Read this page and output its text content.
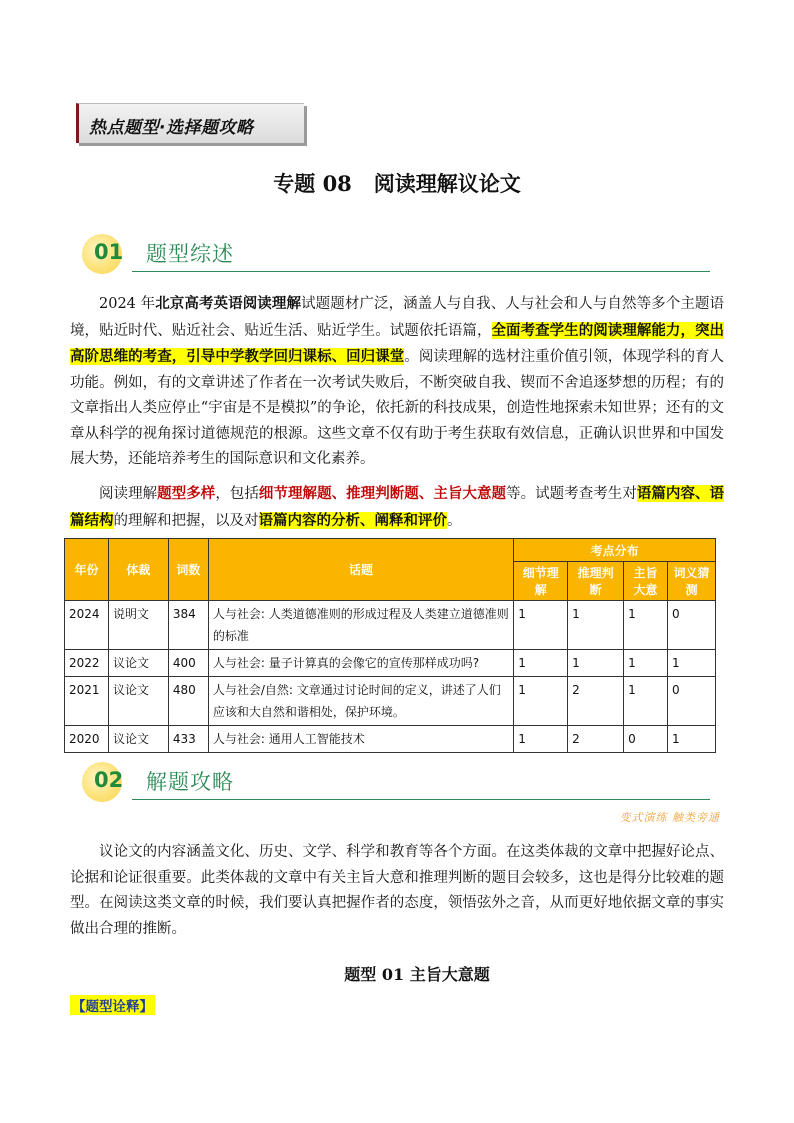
热点题型·选择题攻略
专题 08 阅读理解议论文
01 题型综述
2024 年北京高考英语阅读理解试题题材广泛，涵盖人与自我、人与社会和人与自然等多个主题语境，贴近时代、贴近社会、贴近生活、贴近学生。试题依托语篇，全面考查学生的阅读理解能力，突出高阶思维的考查，引导中学教学回归课标、回归课堂。阅读理解的选材注重价值引领，体现学科的育人功能。例如，有的文章讲述了作者在一次考试失败后，不断突破自我、锲而不舍追逐梦想的历程；有的文章指出人类应停止“宇宙是不是模拟”的争论，依托新的科技成果，创造性地探索未知世界；还有的文章从科学的视角探讨道德规范的根源。这些文章不仅有助于考生获取有效信息，正确认识世界和中国发展大势，还能培养考生的国际意识和文化素养。
阅读理解题型多样，包括细节理解题、推理判断题、主旨大意题等。试题考查考生对语篇内容、语篇结构的理解和把握，以及对语篇内容的分析、阐释和评价。
年份	体裁	词数	话题	考点分布			
				细节理解	推理判断	主旨大意	词义猜测
2024	说明文	384	人与社会: 人类道德准则的形成过程及人类建立道德准则的标准	1	1	1	0
2022	议论文	400	人与社会: 量子计算真的会像它的宣传那样成功吗?	1	1	1	1
2021	议论文	480	人与社会/自然: 文章通过讨论时间的定义，讲述了人们应该和大自然和谐相处，保护环境。	1	2	1	0
2020	议论文	433	人与社会: 通用人工智能技术	1	2	0	1
02 解题攻略
变式演练 触类旁通
议论文的内容涵盖文化、历史、文学、科学和教育等各个方面。在这类体裁的文章中把握好论点、论据和论证很重要。此类体裁的文章中有关主旨大意和推理判断的题目会较多，这也是得分比较难的题型。在阅读这类文章的时候，我们要认真把握作者的态度，领悟弦外之音，从而更好地依据文章的事实做出合理的推断。
题型 01 主旨大意题
【题型诠释】
